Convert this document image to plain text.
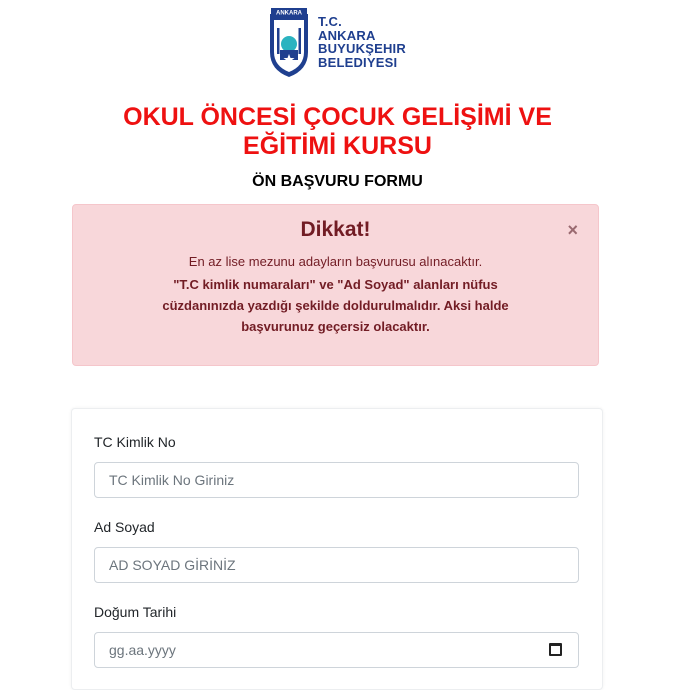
ANKARA
T.C.
ANKARA
BUYUKŞEHIR
BELEDIYESI
OKUL ÖNCESİ ÇOCUK GELİŞİMİ VE EĞİTİMİ KURSU
ÖN BAŞVURU FORMU
Dikkat!	×
En az lise mezunu adayların başvurusu alınacaktır.
"T.C kimlik numaraları" ve "Ad Soyad" alanları nüfus cüzdanınızda yazdığı şekilde doldurulmalıdır. Aksi halde başvurunuz geçersiz olacaktır.
TC Kimlik No
TC Kimlik No Giriniz
Ad Soyad
AD SOYAD GİRİNİZ
Doğum Tarihi
gg.aa.yyyy
